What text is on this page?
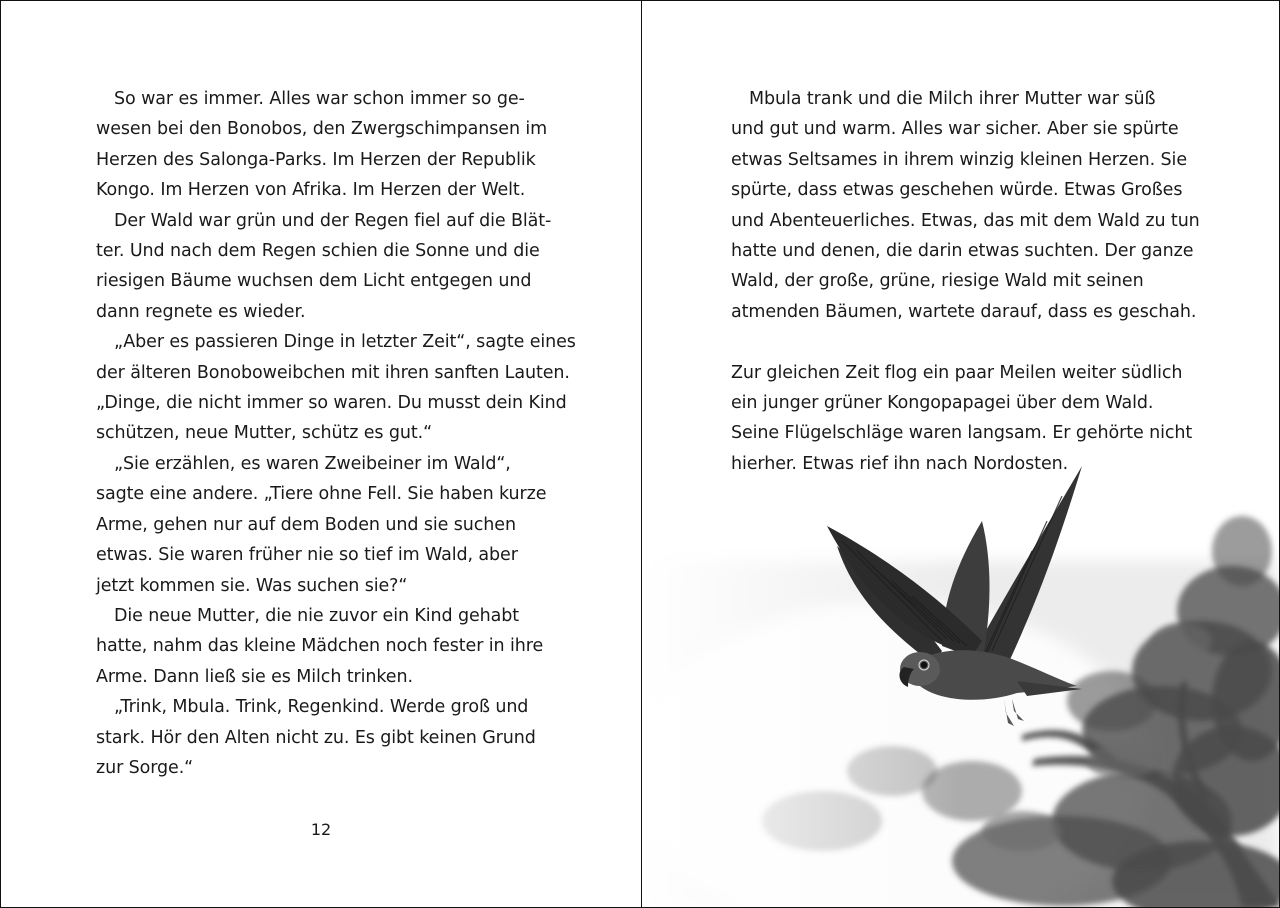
So war es immer. Alles war schon immer so ge-

wesen bei den Bonobos, den Zwergschimpansen im

Herzen des Salonga-Parks. Im Herzen der Republik

Kongo. Im Herzen von Afrika. Im Herzen der Welt.

Der Wald war grün und der Regen fiel auf die Blät-

ter. Und nach dem Regen schien die Sonne und die

riesigen Bäume wuchsen dem Licht entgegen und

dann regnete es wieder.

„Aber es passieren Dinge in letzter Zeit“, sagte eines

der älteren Bonoboweibchen mit ihren sanften Lauten.

„Dinge, die nicht immer so waren. Du musst dein Kind

schützen, neue Mutter, schütz es gut.“

„Sie erzählen, es waren Zweibeiner im Wald“,

sagte eine andere. „Tiere ohne Fell. Sie haben kurze

Arme, gehen nur auf dem Boden und sie suchen

etwas. Sie waren früher nie so tief im Wald, aber

jetzt kommen sie. Was suchen sie?“

Die neue Mutter, die nie zuvor ein Kind gehabt

hatte, nahm das kleine Mädchen noch fester in ihre

Arme. Dann ließ sie es Milch trinken.

„Trink, Mbula. Trink, Regenkind. Werde groß und

stark. Hör den Alten nicht zu. Es gibt keinen Grund

zur Sorge.“

12

Mbula trank und die Milch ihrer Mutter war süß

und gut und warm. Alles war sicher. Aber sie spürte

etwas Seltsames in ihrem winzig kleinen Herzen. Sie

spürte, dass etwas geschehen würde. Etwas Großes

und Abenteuerliches. Etwas, das mit dem Wald zu tun

hatte und denen, die darin etwas suchten. Der ganze

Wald, der große, grüne, riesige Wald mit seinen

atmenden Bäumen, wartete darauf, dass es geschah.

Zur gleichen Zeit flog ein paar Meilen weiter südlich

ein junger grüner Kongopapagei über dem Wald.

Seine Flügelschläge waren langsam. Er gehörte nicht

hierher. Etwas rief ihn nach Nordosten.
